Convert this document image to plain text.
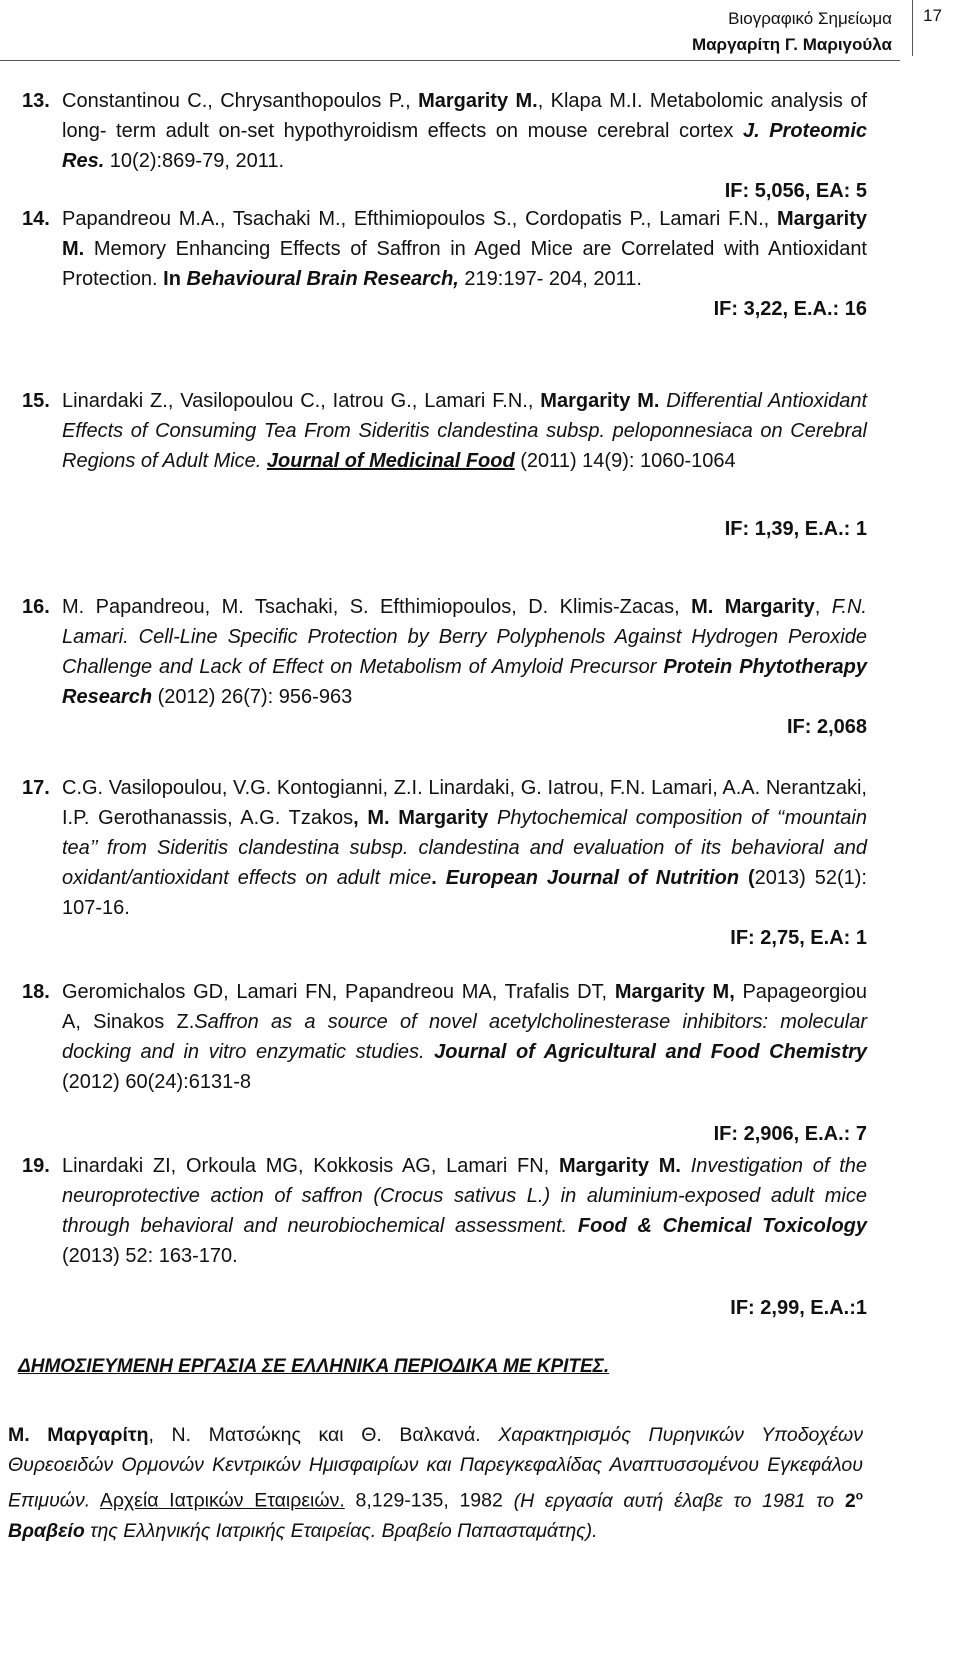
Βιογραφικό Σημείωμα
Μαργαρίτη Γ. Μαριγούλα
17
13. Constantinou C., Chrysanthopoulos P., Margarity M., Klapa M.I. Metabolomic analysis of long- term adult on-set hypothyroidism effects on mouse cerebral cortex J. Proteomic Res. 10(2):869-79, 2011.
IF: 5,056, EA: 5
14. Papandreou M.A., Tsachaki M., Efthimiopoulos S., Cordopatis P., Lamari F.N., Margarity M. Memory Enhancing Effects of Saffron in Aged Mice are Correlated with Antioxidant Protection. In Behavioural Brain Research, 219:197- 204, 2011.
IF: 3,22, E.A.: 16
15. Linardaki Z., Vasilopoulou C., Iatrou G., Lamari F.N., Margarity M. Differential Antioxidant Effects of Consuming Tea From Sideritis clandestina subsp. peloponnesiaca on Cerebral Regions of Adult Mice. Journal of Medicinal Food (2011) 14(9): 1060-1064
IF: 1,39, E.A.: 1
16. M. Papandreou, M. Tsachaki, S. Efthimiopoulos, D. Klimis-Zacas, M. Margarity, F.N. Lamari. Cell-Line Specific Protection by Berry Polyphenols Against Hydrogen Peroxide Challenge and Lack of Effect on Metabolism of Amyloid Precursor Protein Phytotherapy Research (2012) 26(7): 956-963
IF: 2,068
17. C.G. Vasilopoulou, V.G. Kontogianni, Z.I. Linardaki, G. Iatrou, F.N. Lamari, A.A. Nerantzaki, I.P. Gerothanassis, A.G. Tzakos, M. Margarity Phytochemical composition of ‘‘mountain tea’’ from Sideritis clandestina subsp. clandestina and evaluation of its behavioral and oxidant/antioxidant effects on adult mice. European Journal of Nutrition (2013) 52(1): 107-16.
IF: 2,75, E.A: 1
18. Geromichalos GD, Lamari FN, Papandreou MA, Trafalis DT, Margarity M, Papageorgiou A, Sinakos Z.Saffron as a source of novel acetylcholinesterase inhibitors: molecular docking and in vitro enzymatic studies. Journal of Agricultural and Food Chemistry (2012) 60(24):6131-8
IF: 2,906, E.A.: 7
19. Linardaki ZI, Orkoula MG, Kokkosis AG, Lamari FN, Margarity M. Investigation of the neuroprotective action of saffron (Crocus sativus L.) in aluminium-exposed adult mice through behavioral and neurobiochemical assessment. Food & Chemical Toxicology (2013) 52: 163-170.
IF: 2,99, E.A.:1
ΔΗΜΟΣΙΕΥΜΕΝΗ ΕΡΓΑΣΙΑ ΣΕ ΕΛΛΗΝΙΚΑ ΠΕΡΙΟΔΙΚΑ ΜΕ ΚΡΙΤΕΣ.
Μ. Μαργαρίτη, Ν. Ματσώκης και Θ. Βαλκανά. Χαρακτηρισμός Πυρηνικών Υποδοχέων Θυρεοειδών Ορμονών Κεντρικών Ημισφαιρίων και Παρεγκεφαλίδας Αναπτυσσομένου Εγκεφάλου Επιμυών. Αρχεία Ιατρικών Εταιρειών. 8,129-135, 1982 (Η εργασία αυτή έλαβε το 1981 το $2^o$ Βραβείο της Ελληνικής Ιατρικής Εταιρείας. Βραβείο Παπασταμάτης).
